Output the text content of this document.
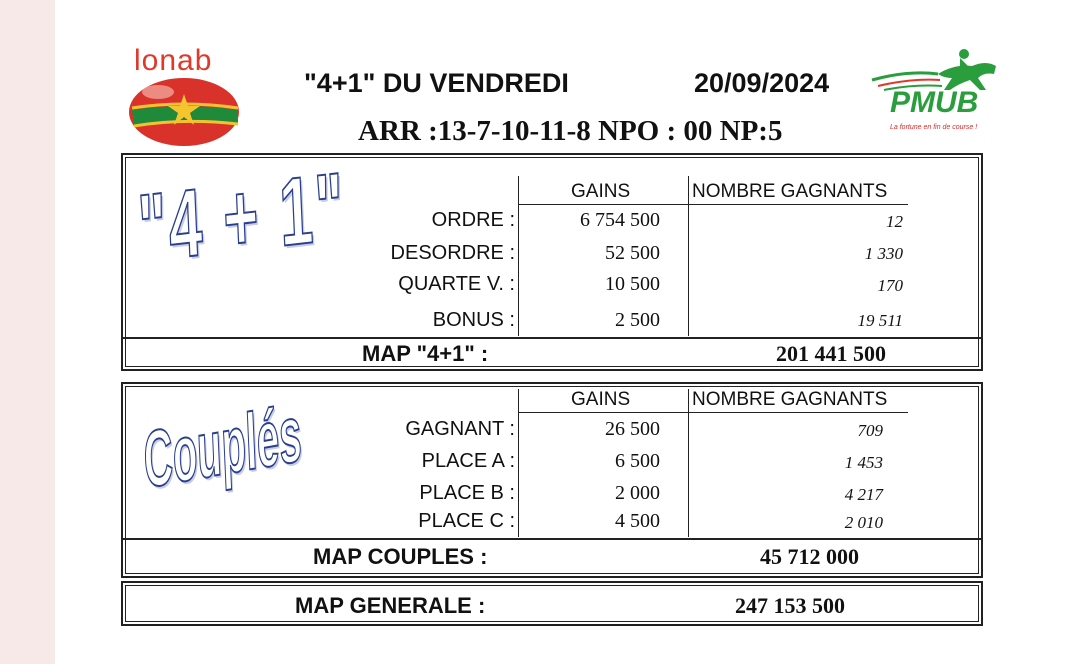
lonab
PMUB
La fortune en fin de course !
"4+1" DU VENDREDI	20/09/2024
ARR :13-7-10-11-8 NPO : 00 NP:5
"4 + 1"	GAINS	NOMBRE GAGNANTS
ORDRE :	6 754 500	12
DESORDRE :	52 500	1 330
QUARTE V. :	10 500	170
BONUS :	2 500	19 511
MAP "4+1" :	201 441 500
Couplés	GAINS	NOMBRE GAGNANTS
GAGNANT :	26 500	709
PLACE A :	6 500	1 453
PLACE B :	2 000	4 217
PLACE C :	4 500	2 010
MAP COUPLES :	45 712 000
MAP GENERALE :	247 153 500
